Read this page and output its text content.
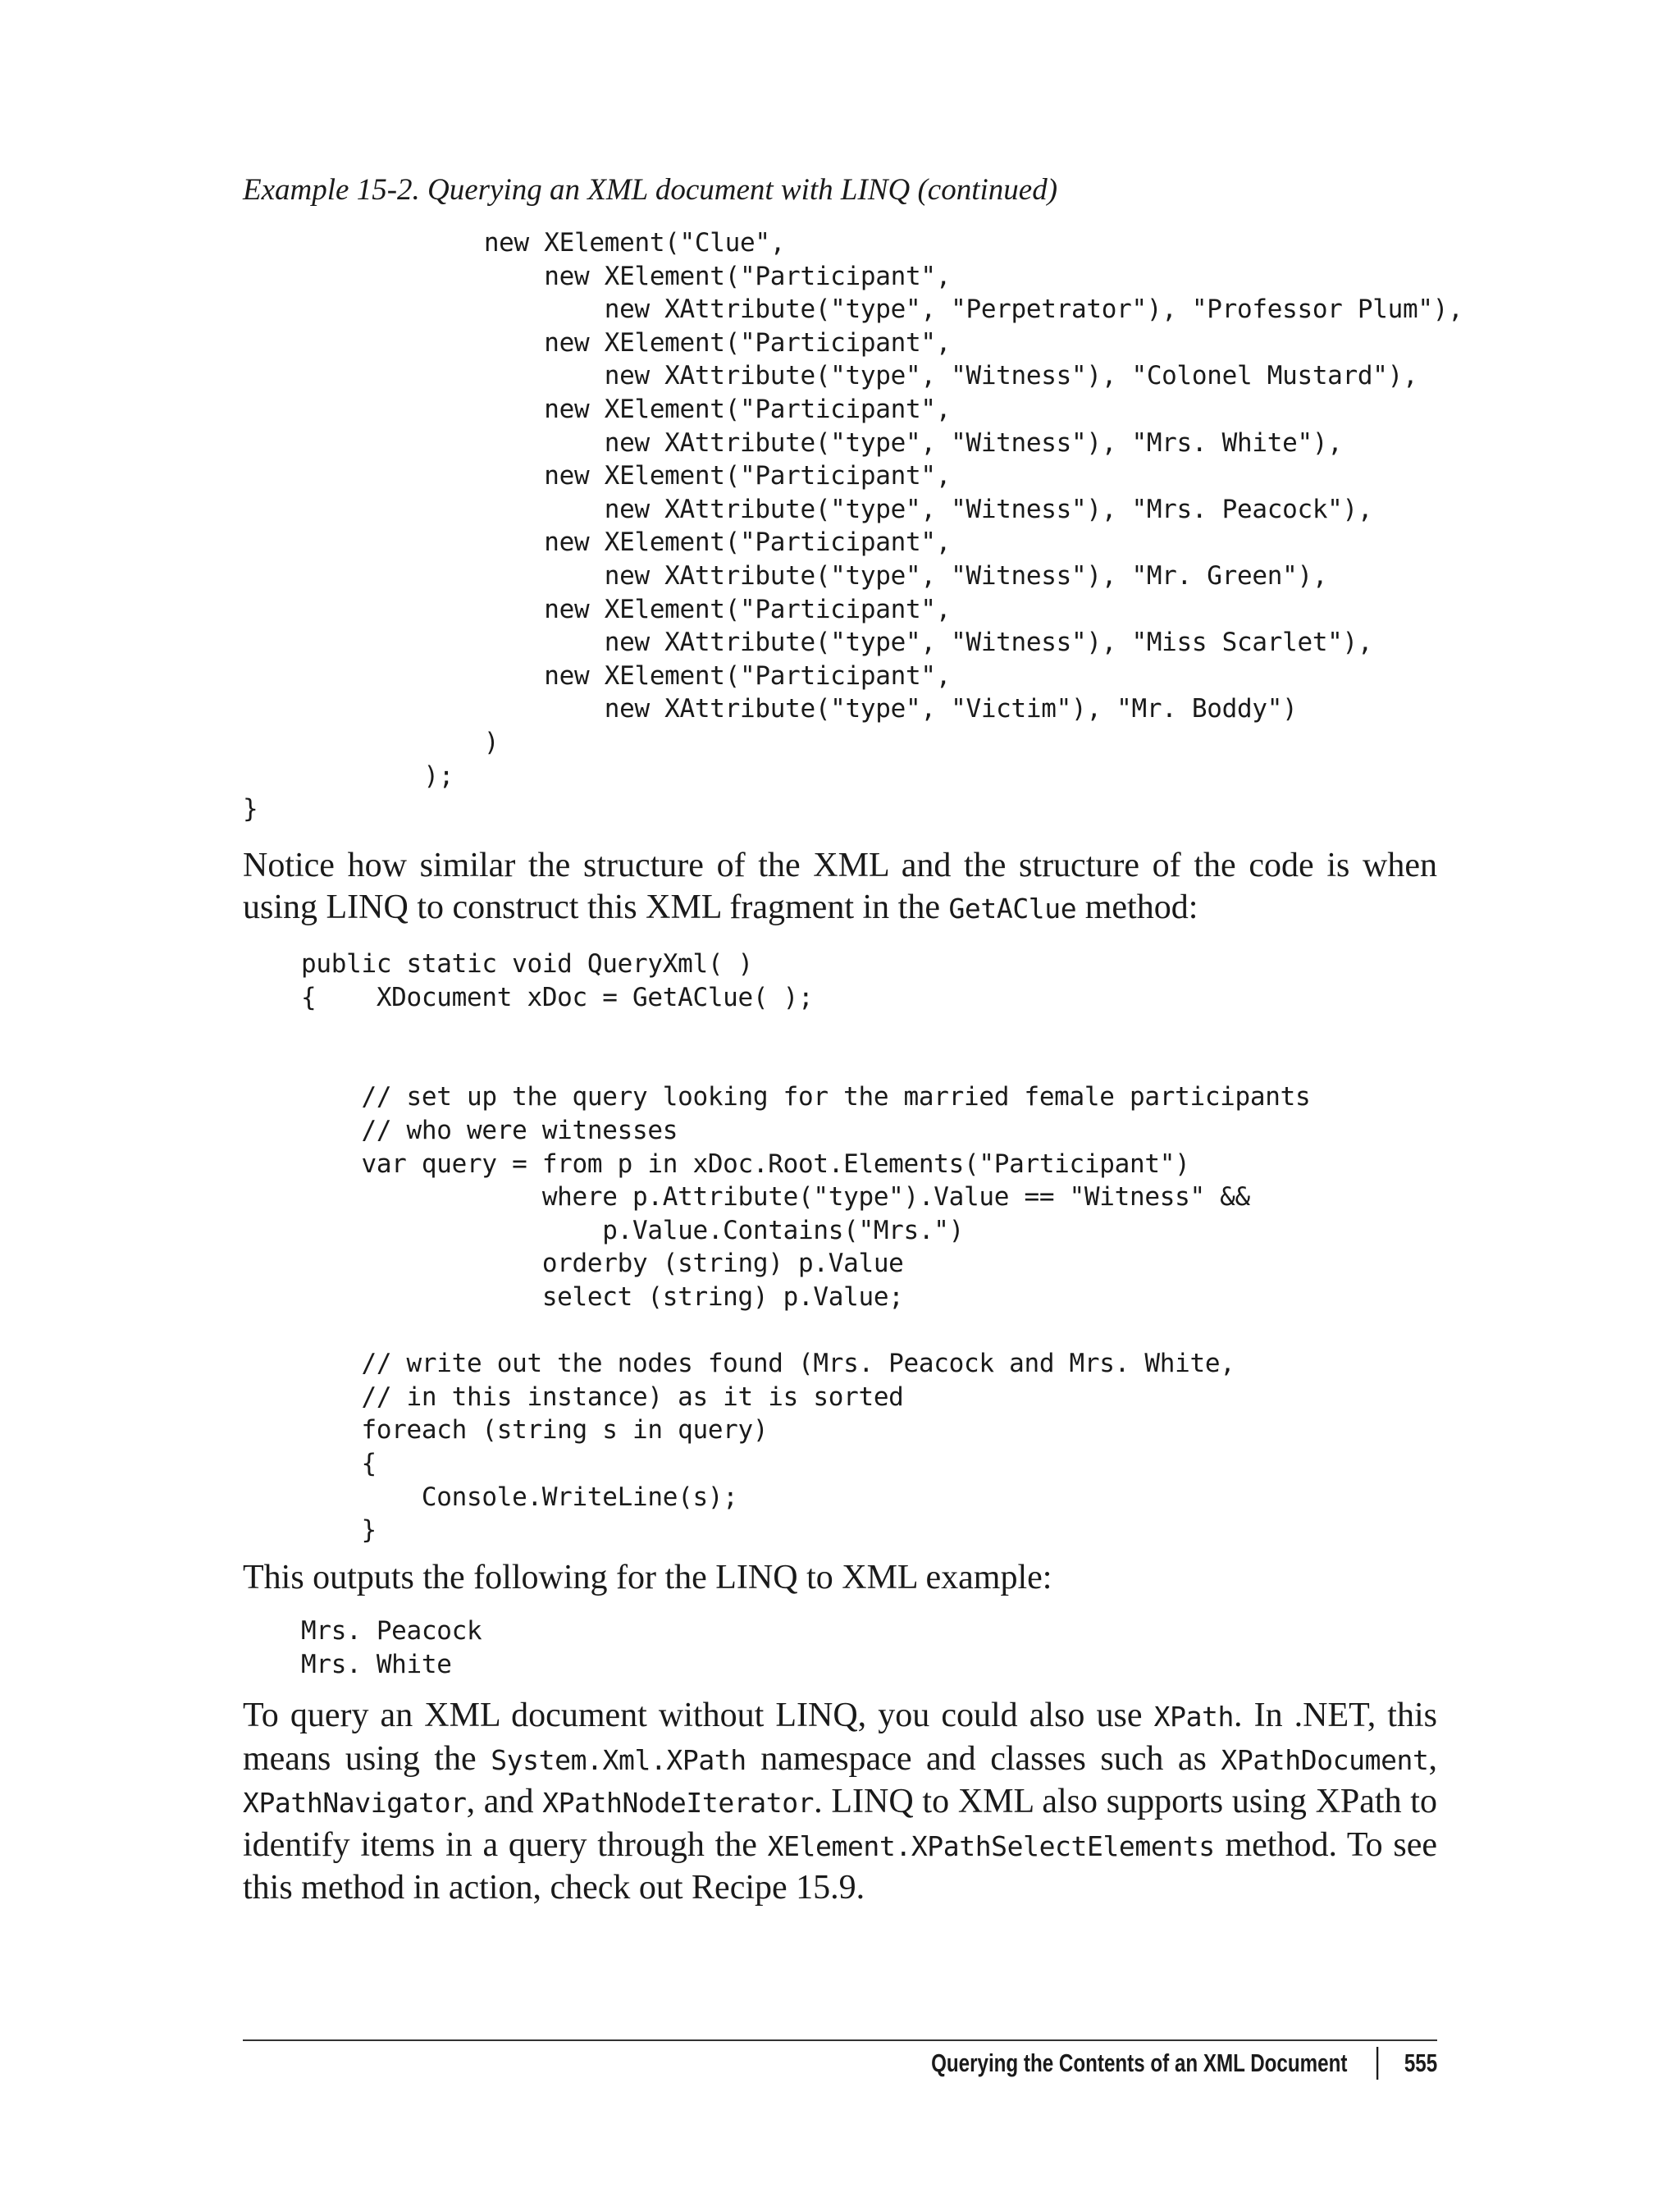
Example 15-2. Querying an XML document with LINQ (continued)
new XElement("Clue",
new XElement("Participant",
new XAttribute("type", "Perpetrator"), "Professor Plum"),
new XElement("Participant",
new XAttribute("type", "Witness"), "Colonel Mustard"),
new XElement("Participant",
new XAttribute("type", "Witness"), "Mrs. White"),
new XElement("Participant",
new XAttribute("type", "Witness"), "Mrs. Peacock"),
new XElement("Participant",
new XAttribute("type", "Witness"), "Mr. Green"),
new XElement("Participant",
new XAttribute("type", "Witness"), "Miss Scarlet"),
new XElement("Participant",
new XAttribute("type", "Victim"), "Mr. Boddy")
)
);
}

Notice how similar the structure of the XML and the structure of the code is when using LINQ to construct this XML fragment in the GetAClue method:

public static void QueryXml( )
{    XDocument xDoc = GetAClue( );

// set up the query looking for the married female participants
// who were witnesses
var query = from p in xDoc.Root.Elements("Participant")
where p.Attribute("type").Value == "Witness" &&
p.Value.Contains("Mrs.")
orderby (string) p.Value
select (string) p.Value;

// write out the nodes found (Mrs. Peacock and Mrs. White,
// in this instance) as it is sorted
foreach (string s in query)
{
Console.WriteLine(s);
}

This outputs the following for the LINQ to XML example:

Mrs. Peacock
Mrs. White

To query an XML document without LINQ, you could also use XPath. In .NET, this means using the System.Xml.XPath namespace and classes such as XPathDocument, XPathNavigator, and XPathNodeIterator. LINQ to XML also supports using XPath to identify items in a query through the XElement.XPathSelectElements method. To see this method in action, check out Recipe 15.9.

Querying the Contents of an XML Document 555
